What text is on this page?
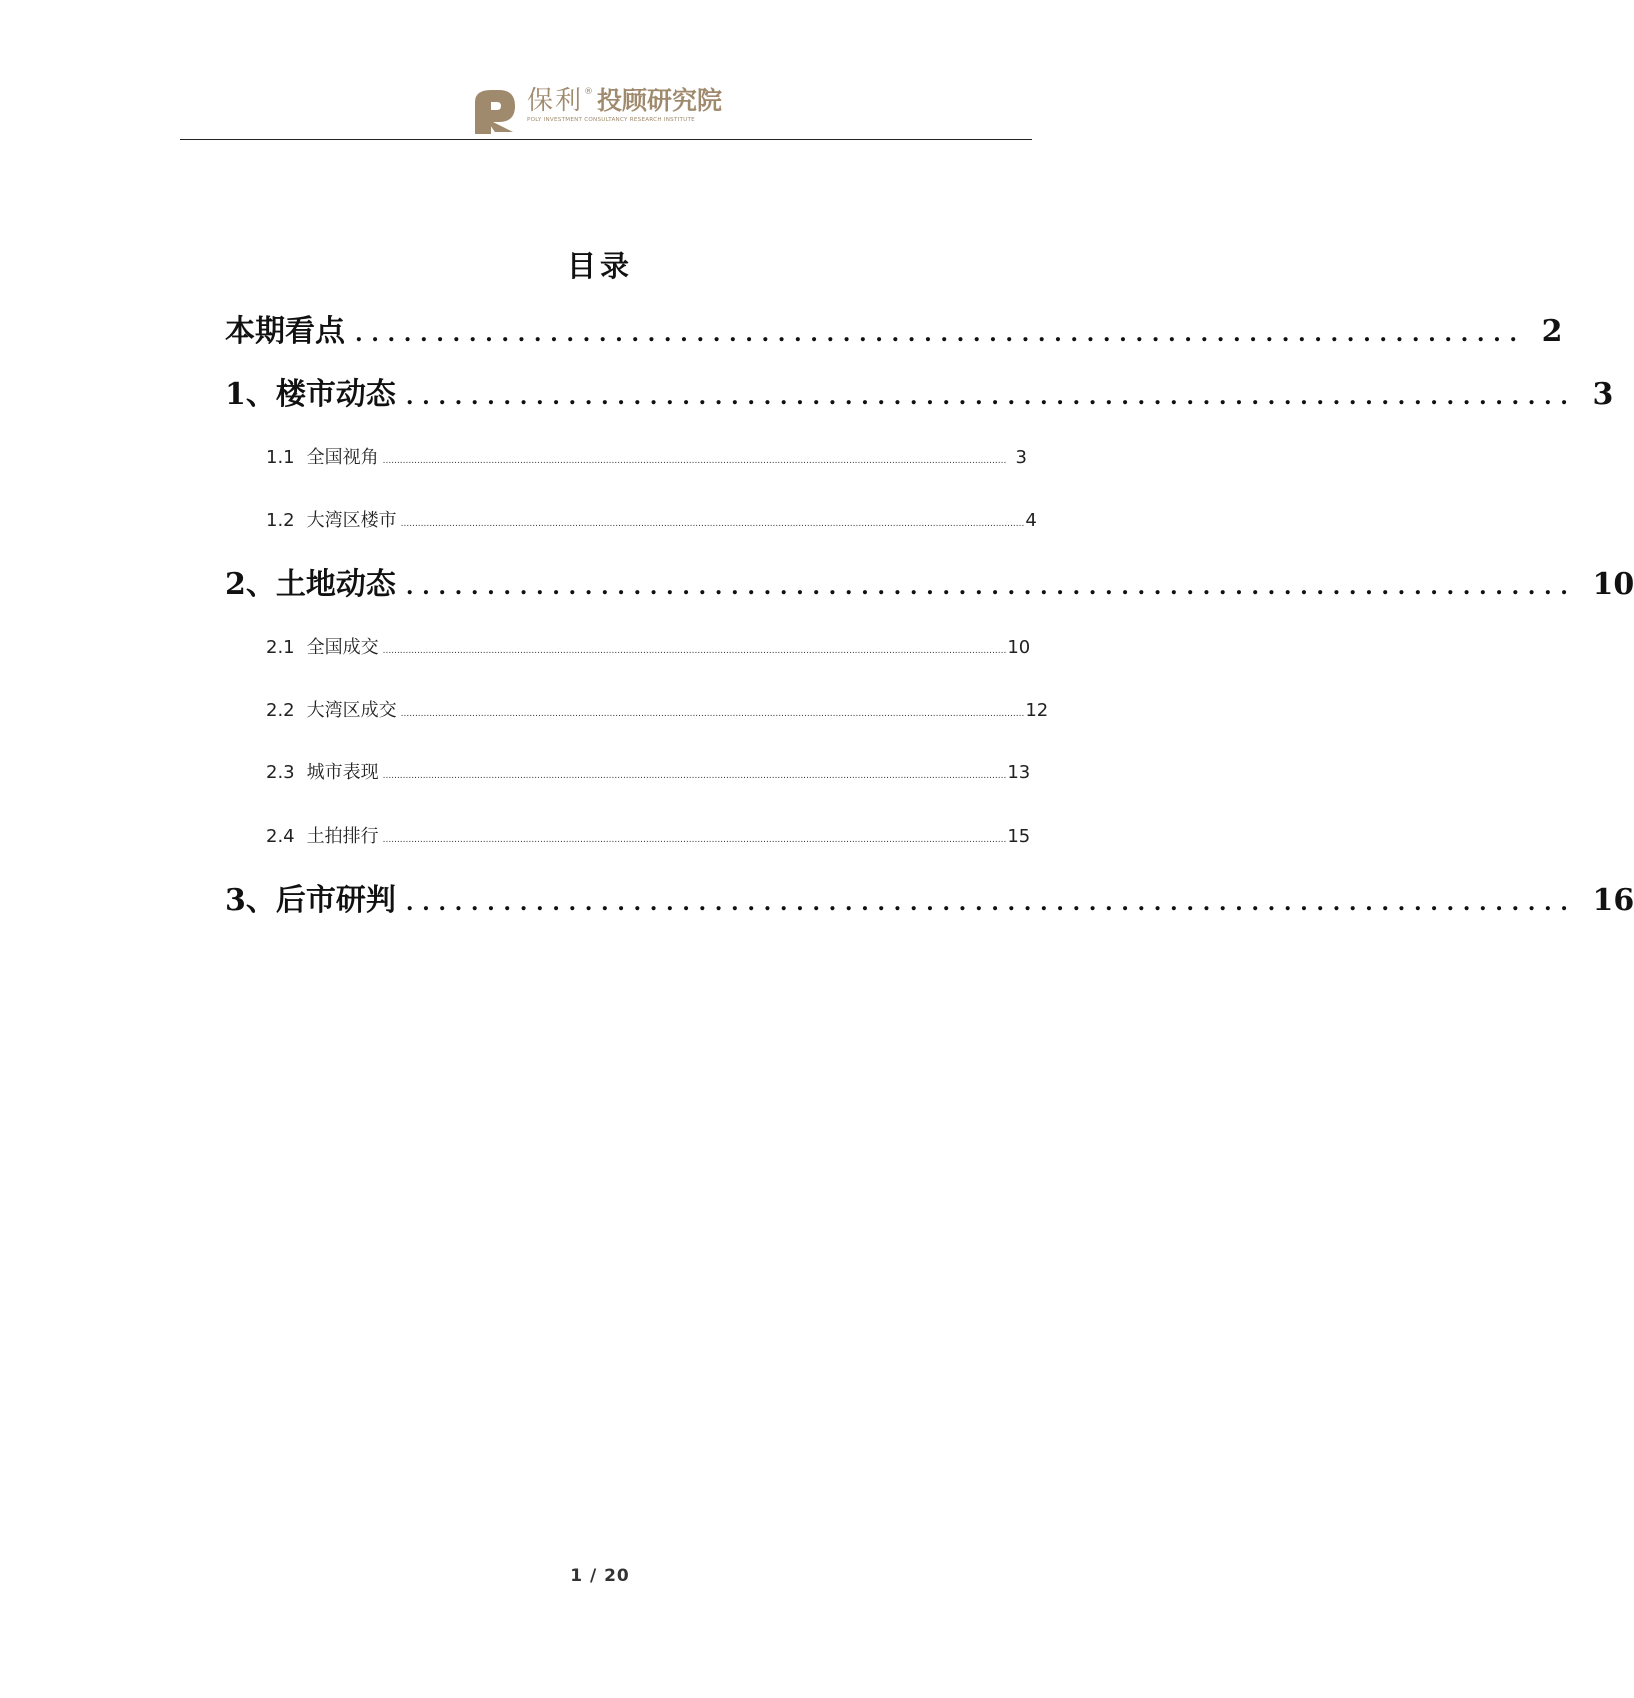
保利 ® 投顾研究院
POLY INVESTMENT CONSULTANCY RESEARCH INSTITUTE
目录
本期看点 ........................................................................ 2
1、楼市动态 ........................................................................ 3
1.1 全国视角 .......................................................................................................................................................................................................................... 3
1.2 大湾区楼市 .......................................................................................................................................................................................................................... 4
2、土地动态 ........................................................................ 10
2.1 全国成交 .......................................................................................................................................................................................................................... 10
2.2 大湾区成交 .......................................................................................................................................................................................................................... 12
2.3 城市表现 .......................................................................................................................................................................................................................... 13
2.4 土拍排行 .......................................................................................................................................................................................................................... 15
3、后市研判 ........................................................................ 16
1 / 20
